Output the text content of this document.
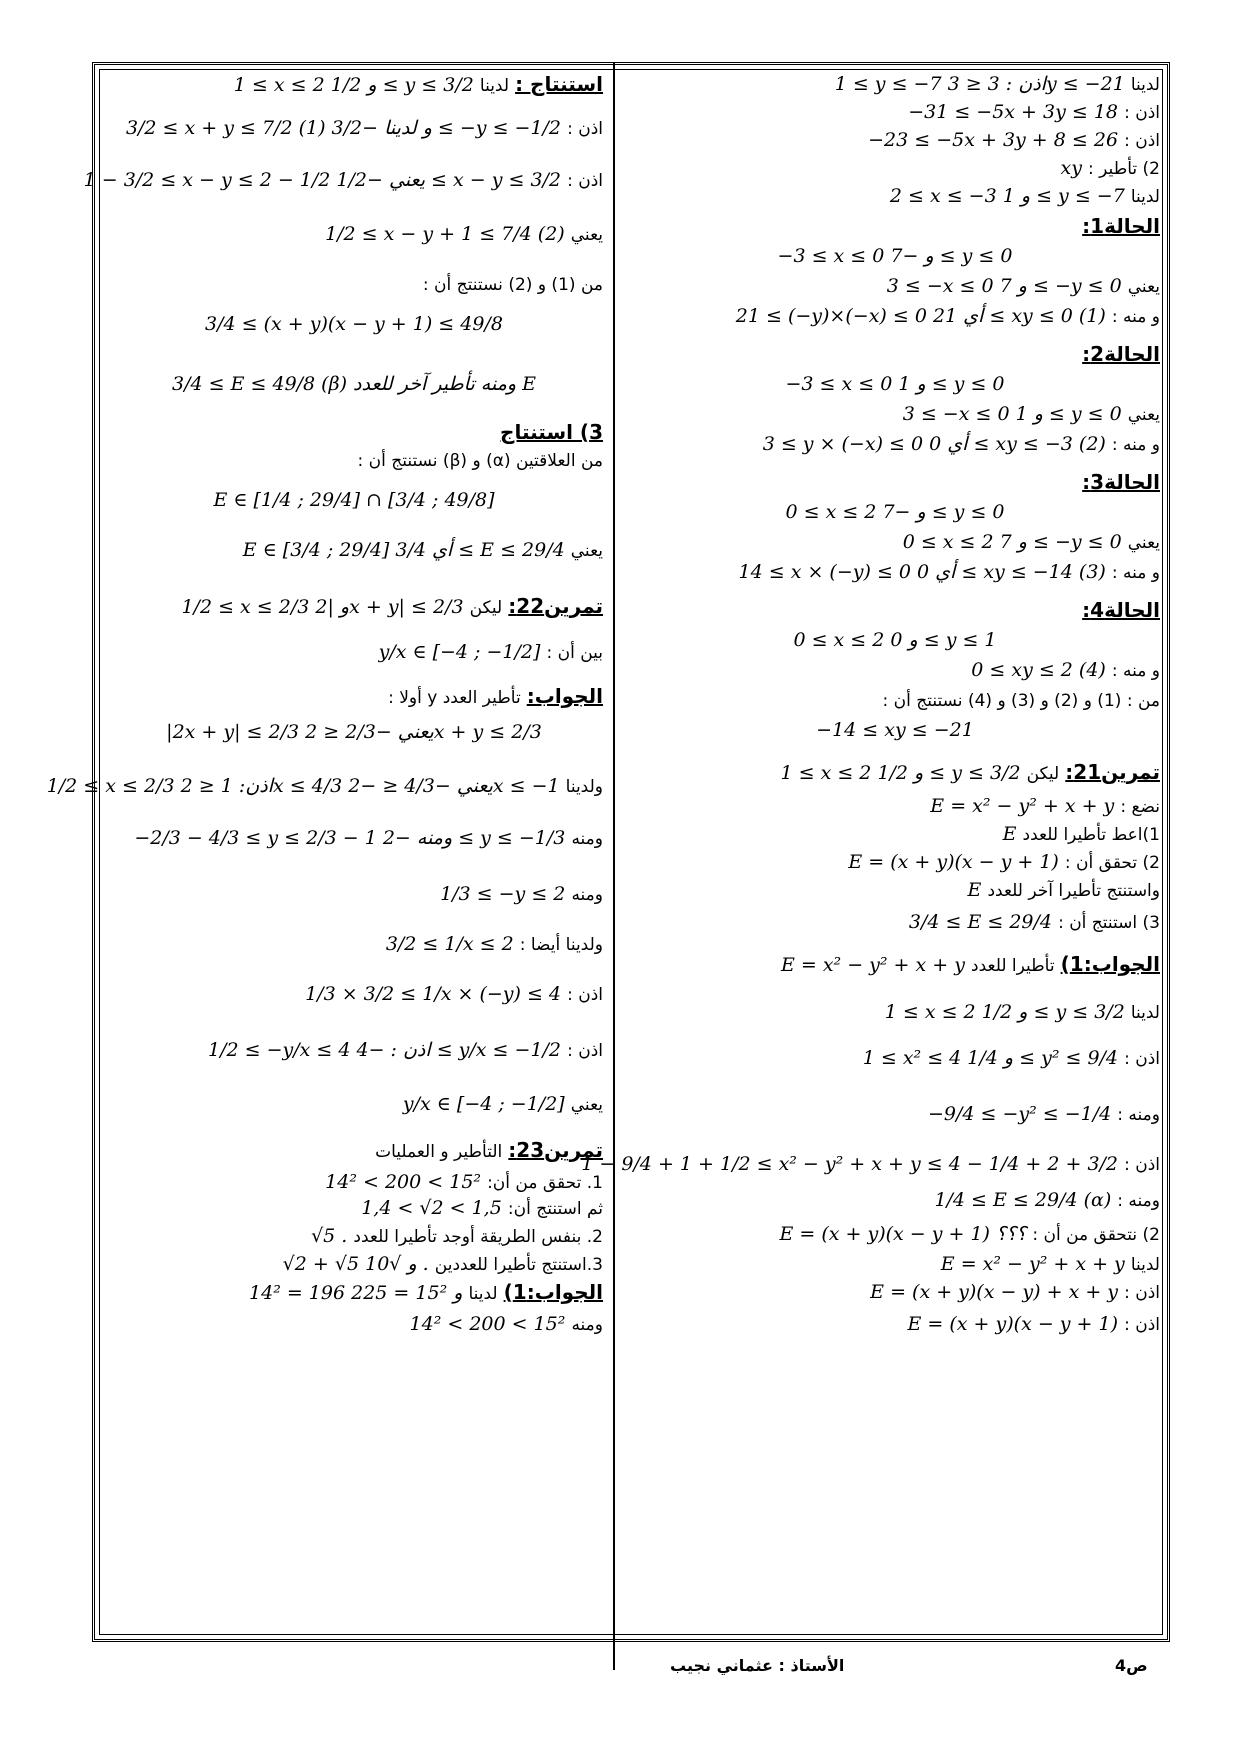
لدينا 1 ≤ y ≤ −7 اذن : 3 ≤ 3y ≤ −21
اذن : −31 ≤ −5x + 3y ≤ 18
اذن : −23 ≤ −5x + 3y + 8 ≤ 26
2) تأطير : xy
لدينا 2 ≤ x ≤ −3 و 1 ≤ y ≤ −7
الحالة1:
−3 ≤ x ≤ 0 و −7 ≤ y ≤ 0
يعني 3 ≤ −x ≤ 0 و 7 ≤ −y ≤ 0
و منه : 21 ≤ (−y)×(−x) ≤ 0 أي 21 ≤ xy ≤ 0 (1)
الحالة2:
−3 ≤ x ≤ 0 و 1 ≤ y ≤ 0
يعني 3 ≤ −x ≤ 0 و 1 ≤ y ≤ 0
و منه : 3 ≤ y × (−x) ≤ 0 أي 0 ≤ xy ≤ −3 (2)
الحالة3:
0 ≤ x ≤ 2 و −7 ≤ y ≤ 0
يعني 0 ≤ x ≤ 2 و 7 ≤ −y ≤ 0
و منه : 14 ≤ x × (−y) ≤ 0 أي 0 ≤ xy ≤ −14 (3)
الحالة4:
0 ≤ x ≤ 2 و 0 ≤ y ≤ 1
و منه : 0 ≤ xy ≤ 2 (4)
من : (1) و (2) و (3) و (4) نستنتج أن :
−14 ≤ xy ≤ −21
تمرين21: ليكن 1 ≤ x ≤ 2 و 1/2 ≤ y ≤ 3/2
نضع : E = x² − y² + x + y
1)اعط تأطيرا للعدد E
2) تحقق أن : E = (x + y)(x − y + 1)
واستنتج تأطيرا آخر للعدد E
3) استنتج أن : 3/4 ≤ E ≤ 29/4
الجواب:1) تأطيرا للعدد E = x² − y² + x + y
لدينا 1 ≤ x ≤ 2 و 1/2 ≤ y ≤ 3/2
اذن : 1 ≤ x² ≤ 4 و 1/4 ≤ y² ≤ 9/4
ومنه : −9/4 ≤ −y² ≤ −1/4
اذن : 1 − 9/4 + 1 + 1/2 ≤ x² − y² + x + y ≤ 4 − 1/4 + 2 + 3/2
ومنه : 1/4 ≤ E ≤ 29/4 (α)
2) نتحقق من أن : E = (x + y)(x − y + 1) ؟؟؟
لدينا E = x² − y² + x + y
اذن : E = (x + y)(x − y) + x + y
اذن : E = (x + y)(x − y + 1)
استنتاج : لدينا 1 ≤ x ≤ 2 و 1/2 ≤ y ≤ 3/2
اذن : 3/2 ≤ x + y ≤ 7/2 (1) و لدينا −3/2 ≤ −y ≤ −1/2
اذن : 1 − 3/2 ≤ x − y ≤ 2 − 1/2 يعني −1/2 ≤ x − y ≤ 3/2
يعني 1/2 ≤ x − y + 1 ≤ 7/4 (2)
من (1) و (2) نستنتج أن :
3/4 ≤ (x + y)(x − y + 1) ≤ 49/8
3/4 ≤ E ≤ 49/8 (β) ومنه تأطير آخر للعدد E
3) استنتاج
من العلاقتين (α) و (β) نستنتج أن :
E ∈ [1/4 ; 29/4] ∩ [3/4 ; 49/8]
يعني E ∈ [3/4 ; 29/4] أي 3/4 ≤ E ≤ 29/4
تمرين22: ليكن 1/2 ≤ x ≤ 2/3 و |2x + y| ≤ 2/3
بين أن : y/x ∈ [−4 ; −1/2]
الجواب: تأطير العدد y أولا :
|2x + y| ≤ 2/3 يعني −2/3 ≤ 2x + y ≤ 2/3
ولدينا 1/2 ≤ x ≤ 2/3 اذن: 1 ≤ 2x ≤ 4/3 يعني −4/3 ≤ −2x ≤ −1
ومنه −2/3 − 4/3 ≤ y ≤ 2/3 − 1 ومنه −2 ≤ y ≤ −1/3
ومنه 1/3 ≤ −y ≤ 2
ولدينا أيضا : 3/2 ≤ 1/x ≤ 2
اذن : 1/3 × 3/2 ≤ 1/x × (−y) ≤ 4
اذن : 1/2 ≤ −y/x ≤ 4 اذن : −4 ≤ y/x ≤ −1/2
يعني y/x ∈ [−4 ; −1/2]
تمرين23: التأطير و العمليات
1. تحقق من أن: 14² < 200 < 15²
ثم استنتج أن: 1,4 < √2 < 1,5
2. بنفس الطريقة أوجد تأطيرا للعدد √5 .
3.استنتج تأطيرا للعددين √2 + √5 و √10 .
الجواب:1) لدينا 14² = 196 و 15² = 225
ومنه 14² < 200 < 15²
ص4
الأستاذ : عثماني نجيب
